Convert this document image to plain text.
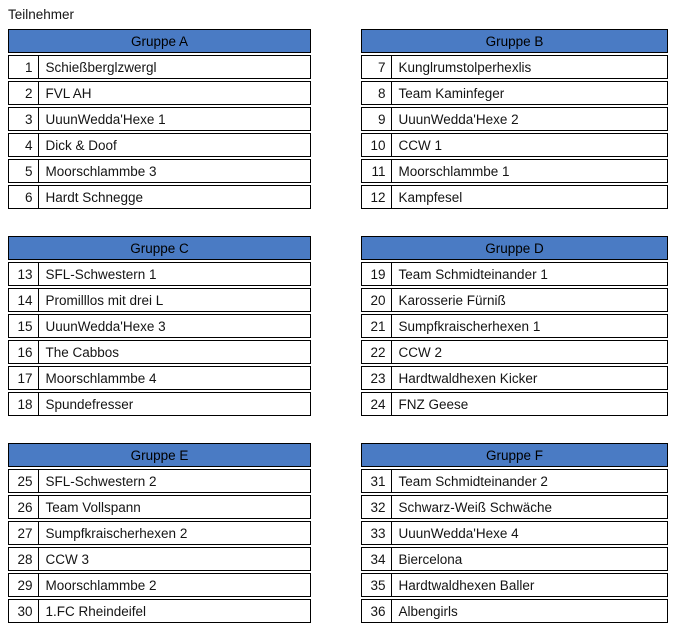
Teilnehmer
Gruppe A
1 Schießberglzwergl
2 FVL AH
3 UuunWedda'Hexe 1
4 Dick & Doof
5 Moorschlammbe 3
6 Hardt Schnegge
Gruppe B
7 Kunglrumstolperhexlis
8 Team Kaminfeger
9 UuunWedda'Hexe 2
10 CCW 1
11 Moorschlammbe 1
12 Kampfesel
Gruppe C
13 SFL-Schwestern 1
14 Promilllos mit drei L
15 UuunWedda'Hexe 3
16 The Cabbos
17 Moorschlammbe 4
18 Spundefresser
Gruppe D
19 Team Schmidteinander 1
20 Karosserie Fürniß
21 Sumpfkraischerhexen 1
22 CCW 2
23 Hardtwaldhexen Kicker
24 FNZ Geese
Gruppe E
25 SFL-Schwestern 2
26 Team Vollspann
27 Sumpfkraischerhexen 2
28 CCW 3
29 Moorschlammbe 2
30 1.FC Rheindeifel
Gruppe F
31 Team Schmidteinander 2
32 Schwarz-Weiß Schwäche
33 UuunWedda'Hexe 4
34 Biercelona
35 Hardtwaldhexen Baller
36 Albengirls
